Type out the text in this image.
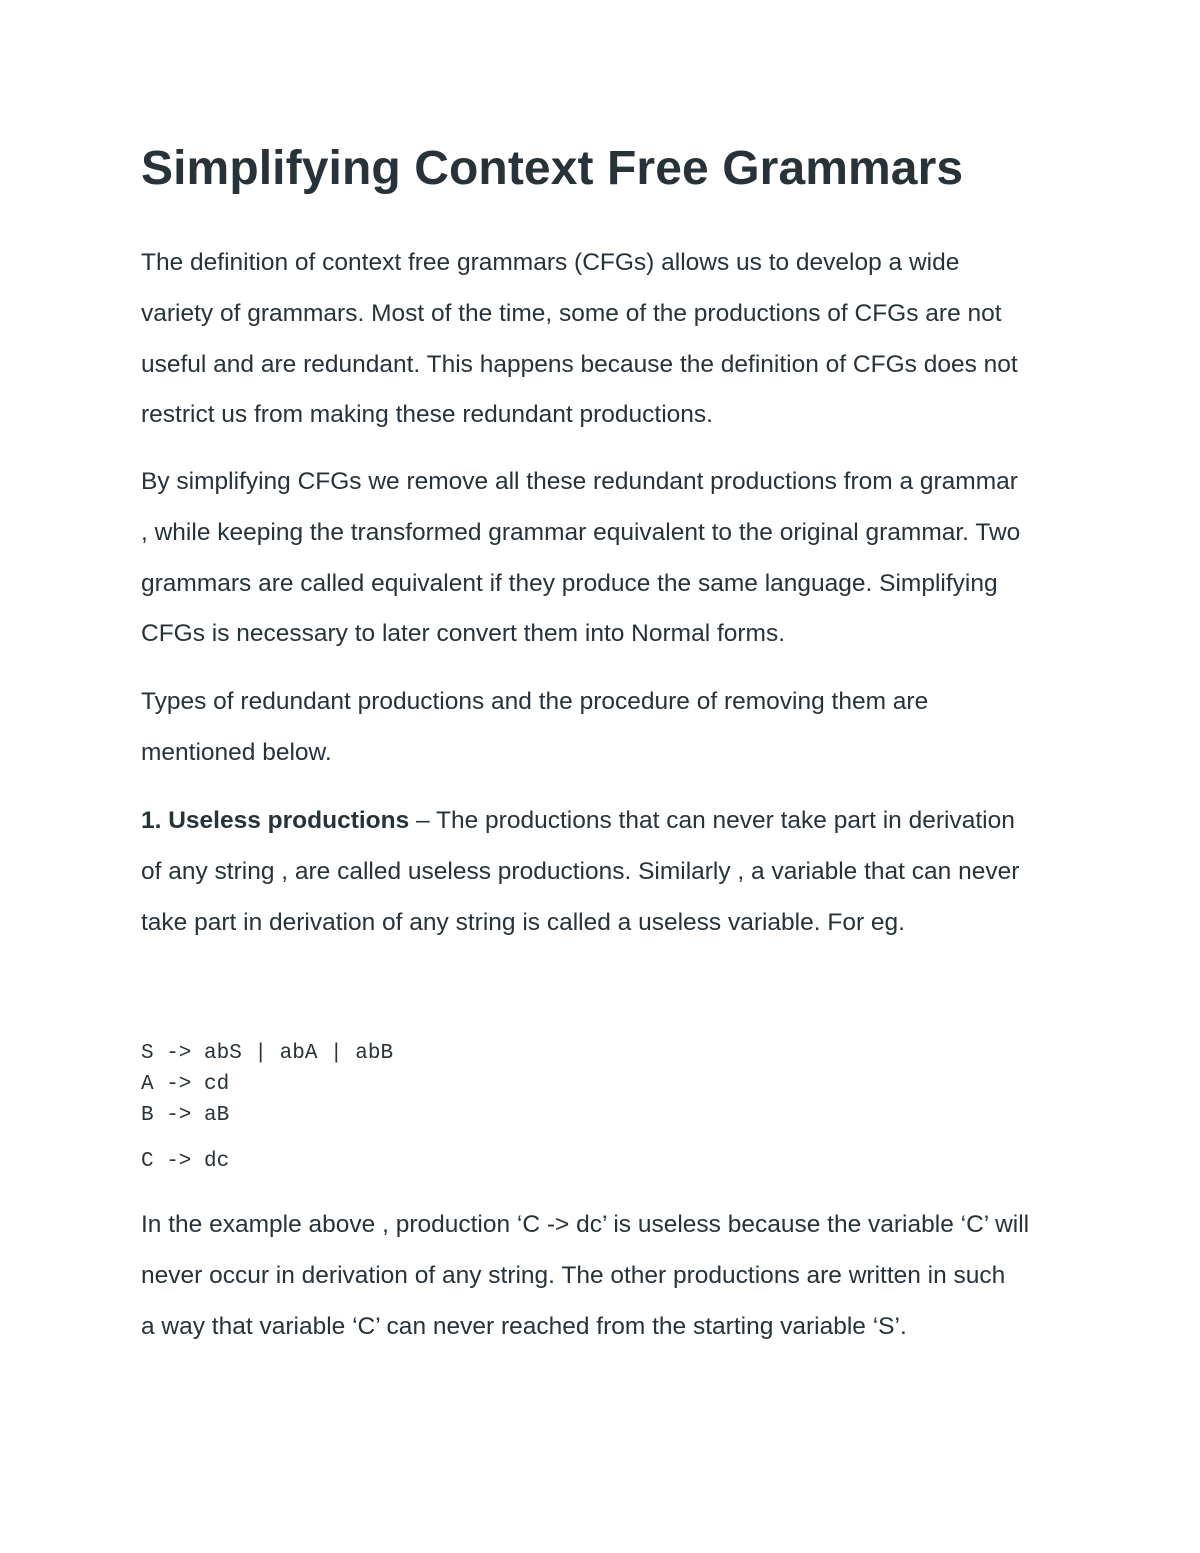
Simplifying Context Free Grammars

The definition of context free grammars (CFGs) allows us to develop a wide
variety of grammars. Most of the time, some of the productions of CFGs are not
useful and are redundant. This happens because the definition of CFGs does not
restrict us from making these redundant productions.

By simplifying CFGs we remove all these redundant productions from a grammar
, while keeping the transformed grammar equivalent to the original grammar. Two
grammars are called equivalent if they produce the same language. Simplifying
CFGs is necessary to later convert them into Normal forms.

Types of redundant productions and the procedure of removing them are
mentioned below.

1. Useless productions – The productions that can never take part in derivation
of any string , are called useless productions. Similarly , a variable that can never
take part in derivation of any string is called a useless variable. For eg.

S -> abS | abA | abB
A -> cd
B -> aB
C -> dc

In the example above , production ‘C -> dc’ is useless because the variable ‘C’ will
never occur in derivation of any string. The other productions are written in such
a way that variable ‘C’ can never reached from the starting variable ‘S’.
